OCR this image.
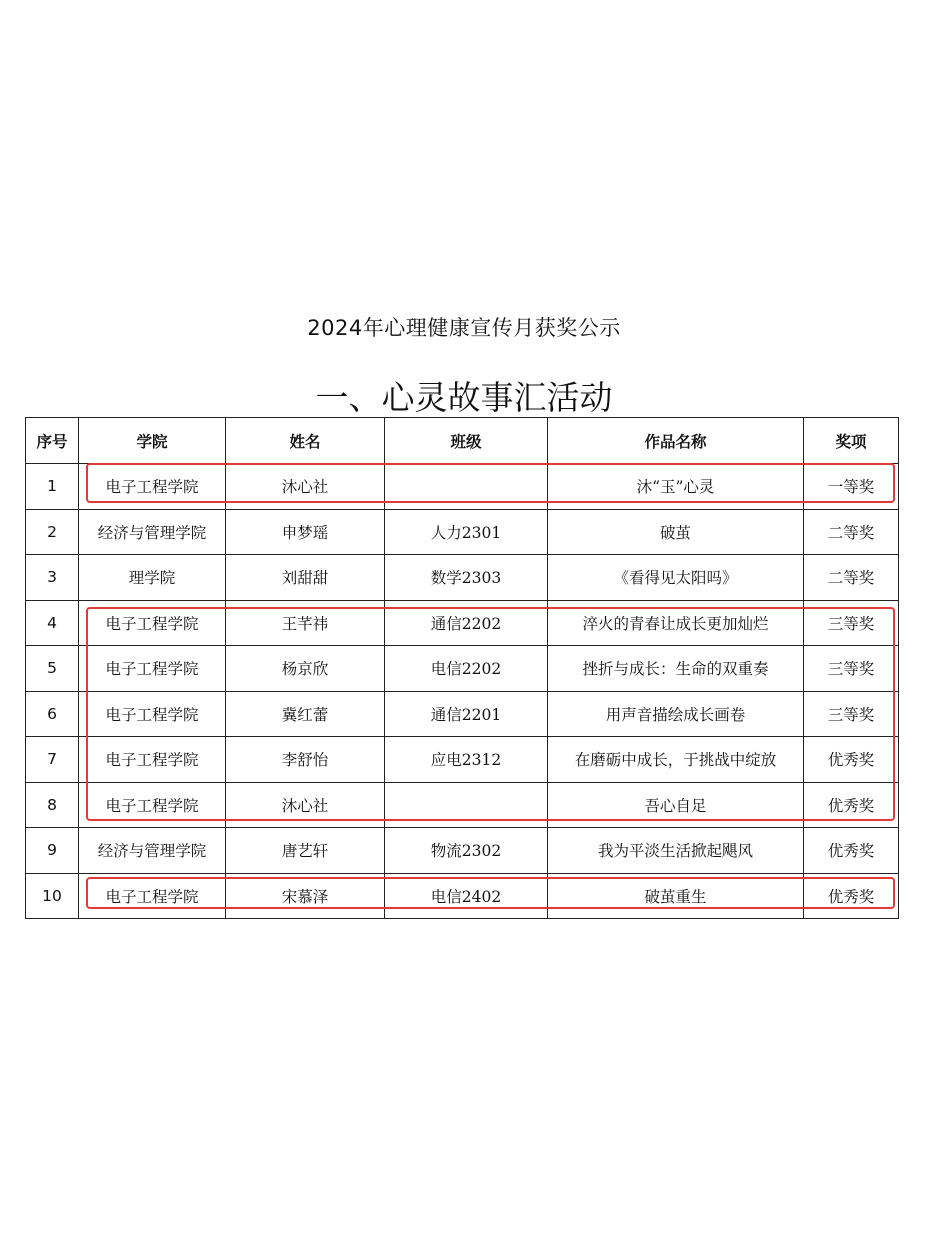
2024年心理健康宣传月获奖公示
一、心灵故事汇活动
序号	学院	姓名	班级	作品名称	奖项
1	电子工程学院	沐心社		沐“玉”心灵	一等奖
2	经济与管理学院	申梦瑶	人力2301	破茧	二等奖
3	理学院	刘甜甜	数学2303	《看得见太阳吗》	二等奖
4	电子工程学院	王芊祎	通信2202	淬火的青春让成长更加灿烂	三等奖
5	电子工程学院	杨京欣	电信2202	挫折与成长：生命的双重奏	三等奖
6	电子工程学院	冀红蕾	通信2201	用声音描绘成长画卷	三等奖
7	电子工程学院	李舒怡	应电2312	在磨砺中成长，于挑战中绽放	优秀奖
8	电子工程学院	沐心社		吾心自足	优秀奖
9	经济与管理学院	唐艺轩	物流2302	我为平淡生活掀起飓风	优秀奖
10	电子工程学院	宋慕泽	电信2402	破茧重生	优秀奖
